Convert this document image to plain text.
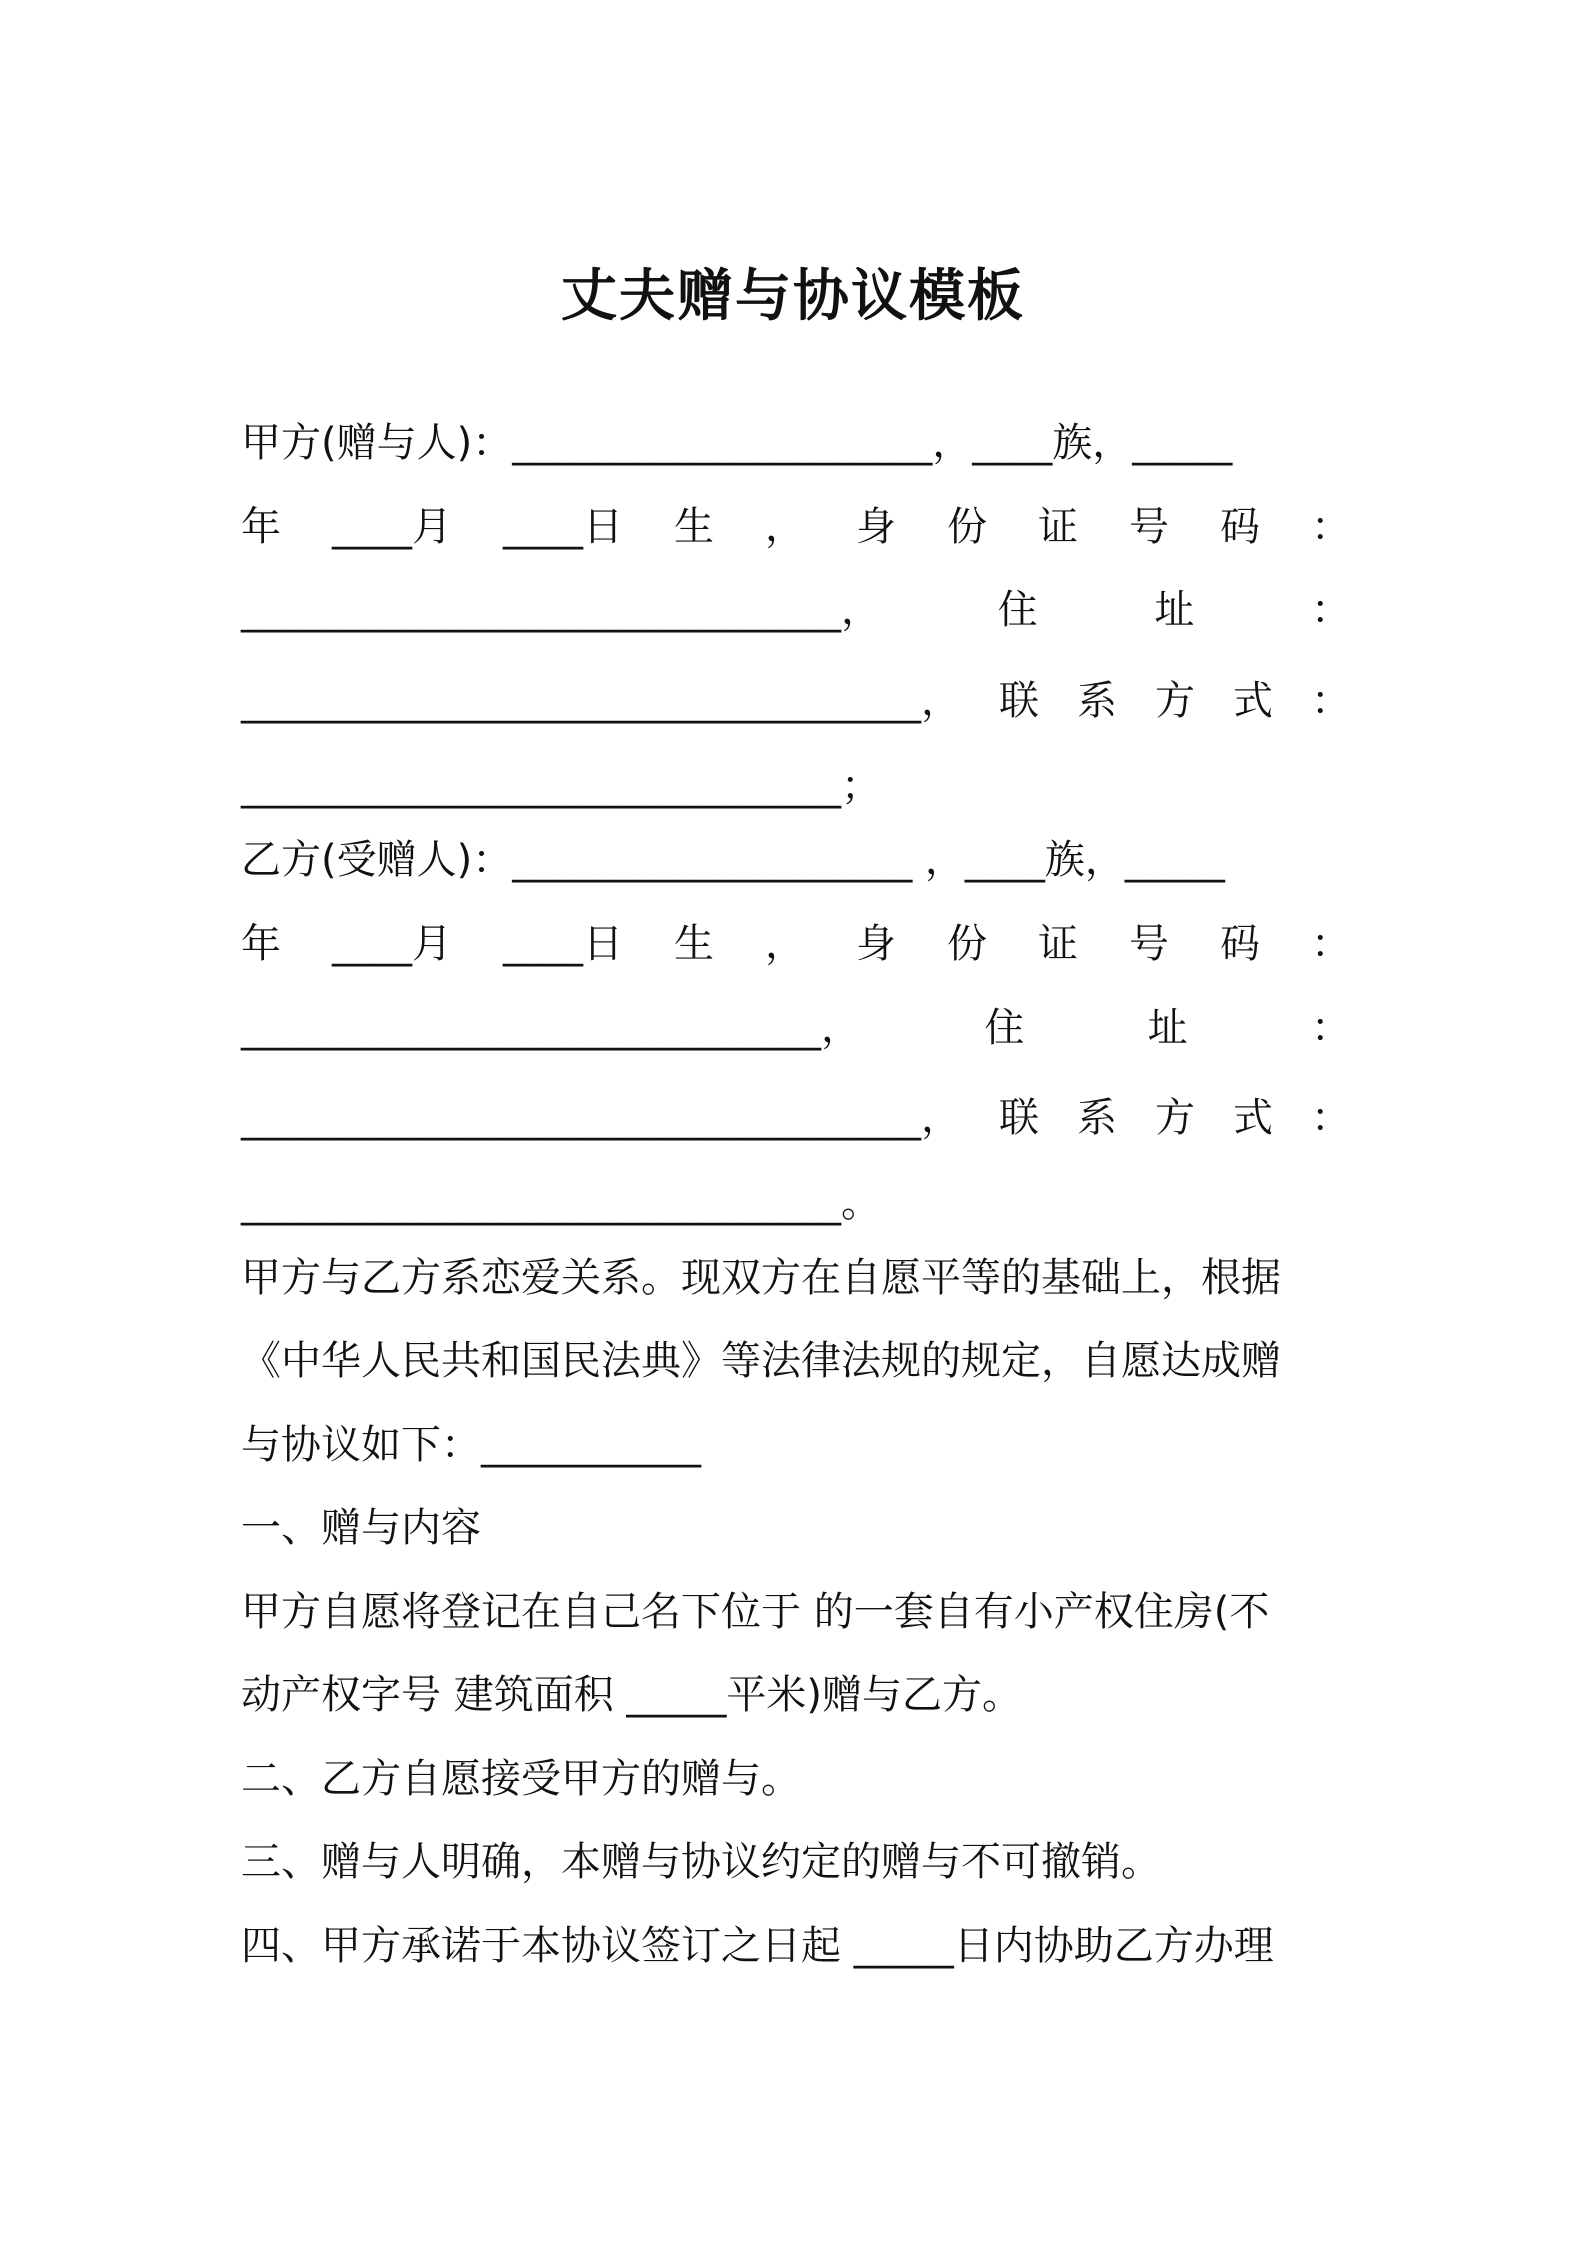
丈夫赠与协议模板
甲方(赠与人)：_____________________，____族，_____
年 ____月 ____日 生 ， 身 份 证 号 码 ：
______________________________，	住	址	：
__________________________________， 联 系 方 式 ：
______________________________；
乙方(受赠人)：____________________ ，____族，_____
年 ____月 ____日 生 ， 身 份 证 号 码 ：
_____________________________，	住	址	：
__________________________________， 联 系 方 式 ：
______________________________。
甲方与乙方系恋爱关系。现双方在自愿平等的基础上，根据
《中华人民共和国民法典》等法律法规的规定，自愿达成赠
与协议如下：___________
一、赠与内容
甲方自愿将登记在自己名下位于 的一套自有小产权住房(不
动产权字号 建筑面积 _____平米)赠与乙方。
二、乙方自愿接受甲方的赠与。
三、赠与人明确，本赠与协议约定的赠与不可撤销。
四、甲方承诺于本协议签订之日起 _____日内协助乙方办理
